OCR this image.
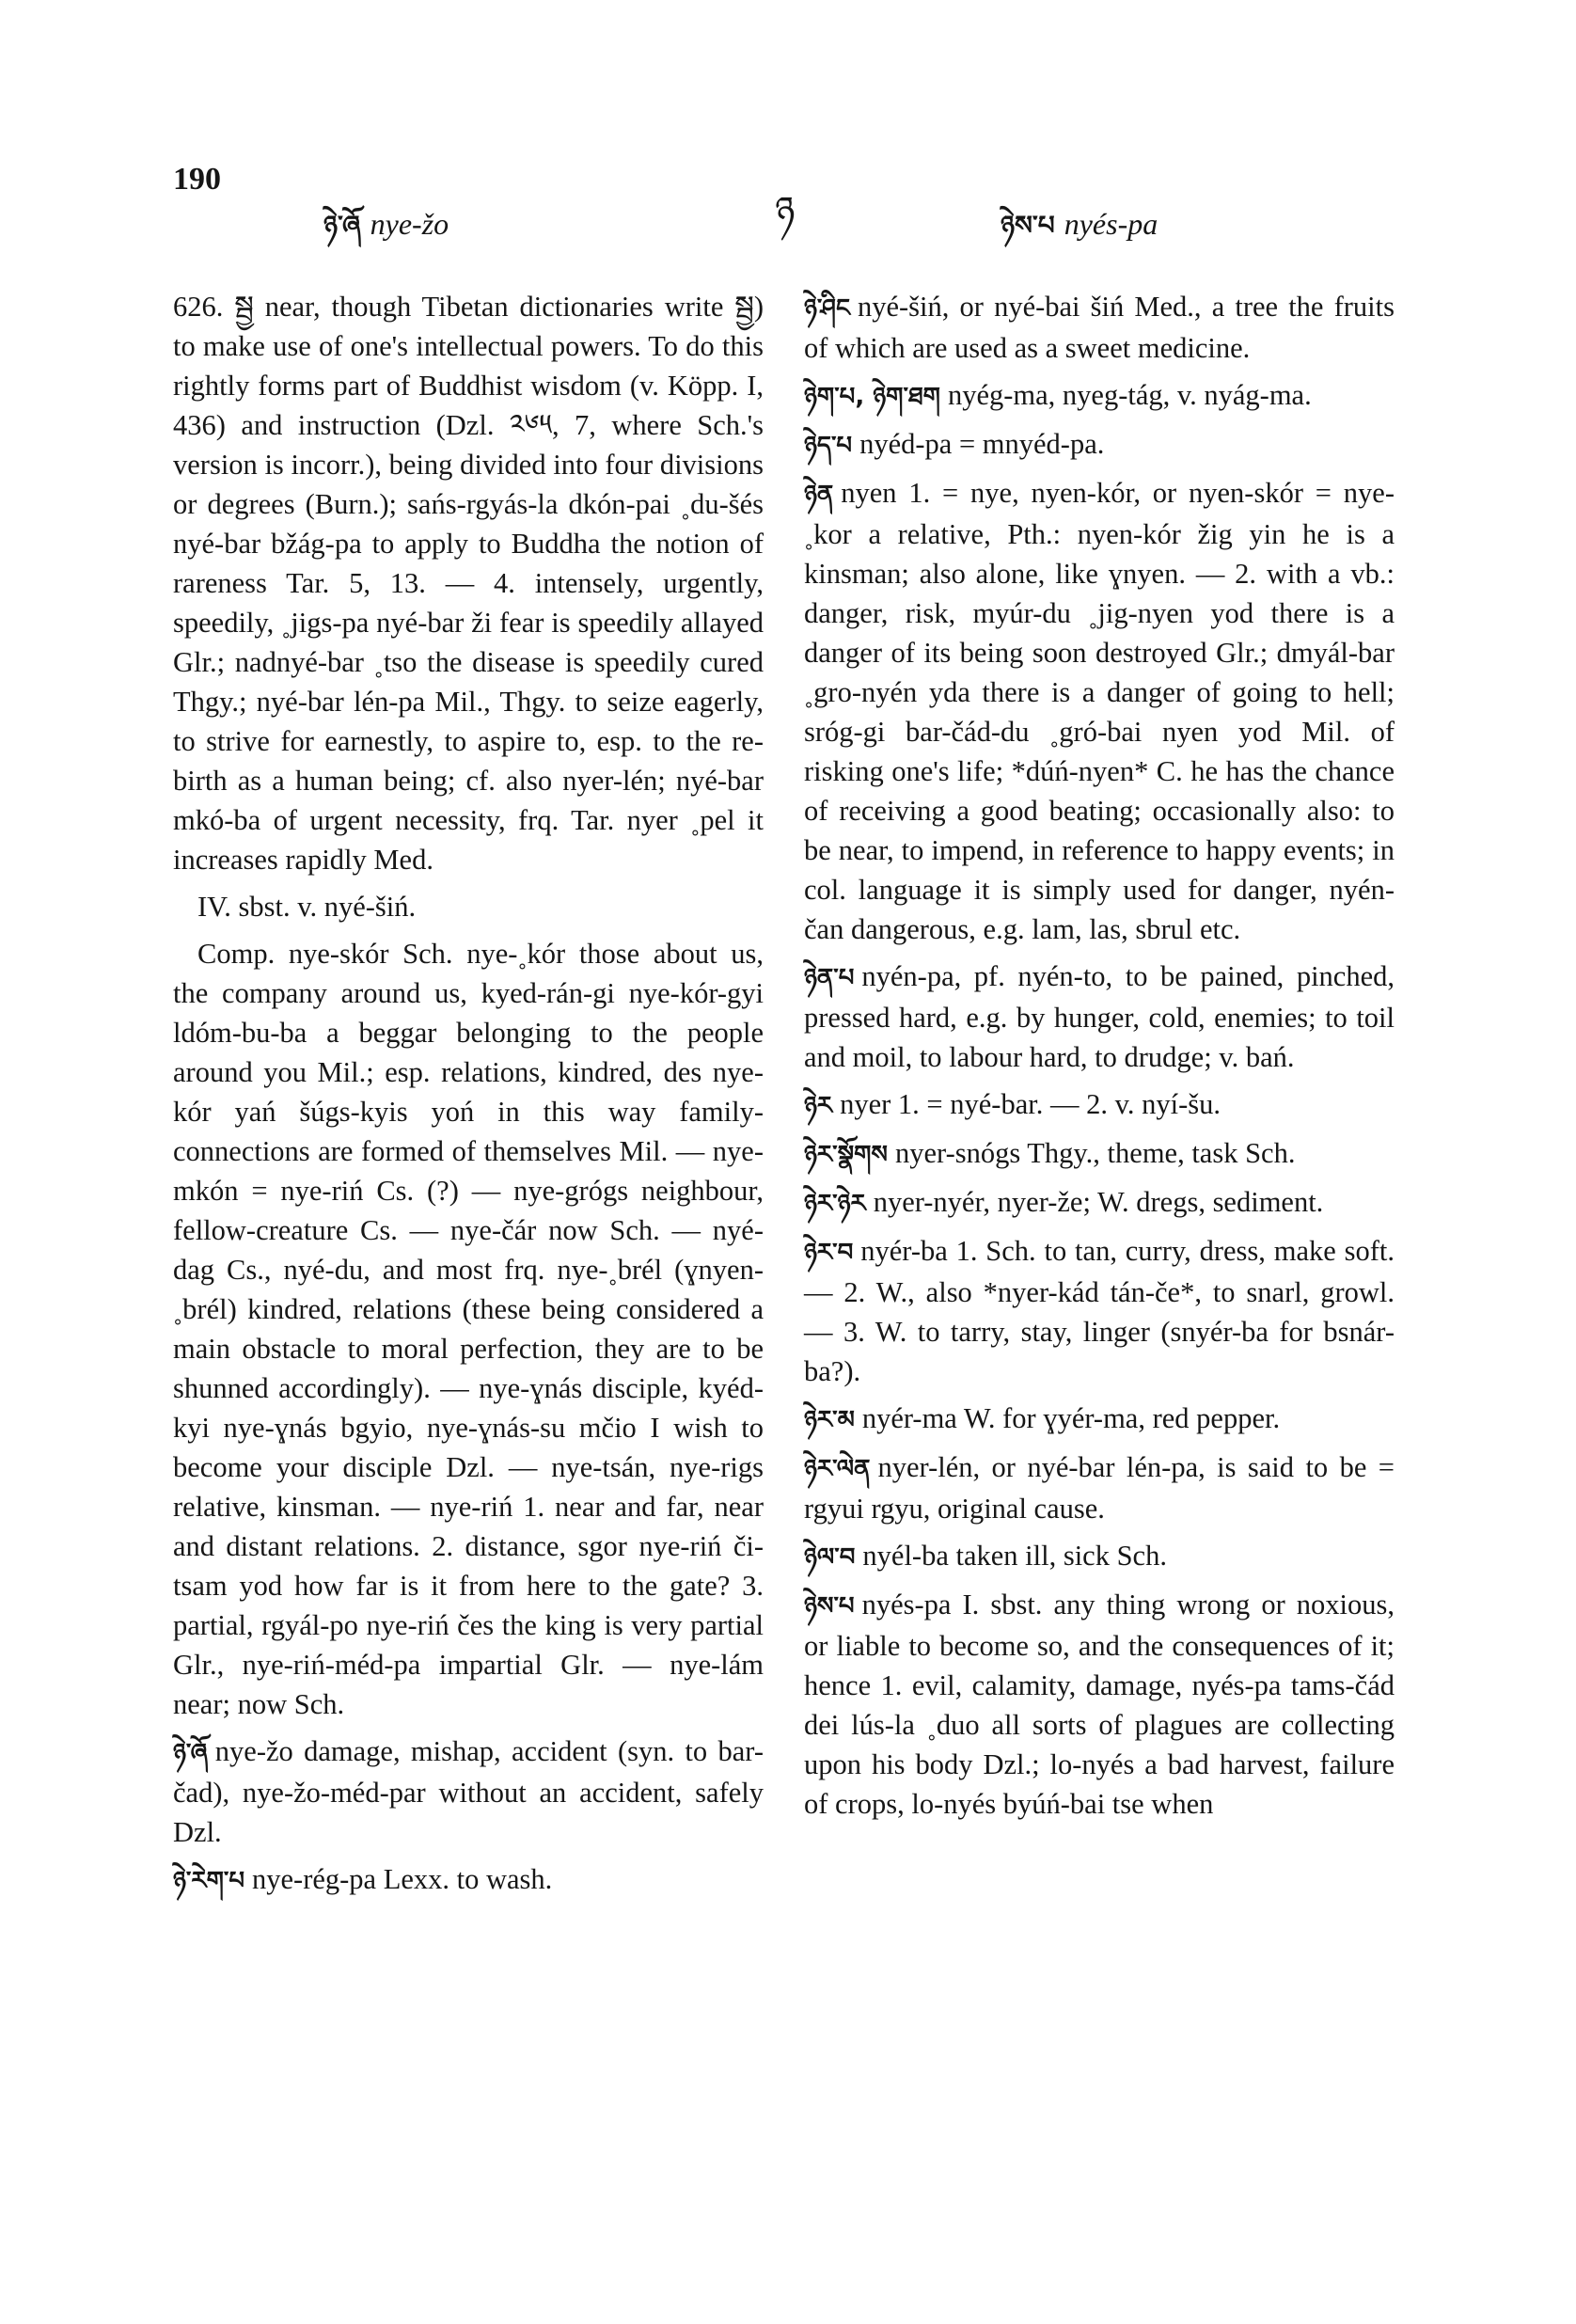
190
ཉེ་ཞོ nye-žo	ཉ	ཉེས་པ nyés-pa

626. སྦྱ near, though Tibetan dictionaries write སྦྱ) to make use of one's intellectual powers. To do this rightly forms part of Buddhist wisdom (v. Köpp. I, 436) and instruction (Dzl. ༢༦༥, 7, where Sch.'s version is incorr.), being divided into four divisions or degrees (Burn.); sańs-rgyás-la dkón-pai ˳du-šés nyé-bar bžág-pa to apply to Buddha the notion of rareness Tar. 5, 13. — 4. intensely, urgently, speedily, ˳jigs-pa nyé-bar ži fear is speedily allayed Glr.; nadnyé-bar ˳tso the disease is speedily cured Thgy.; nyé-bar lén-pa Mil., Thgy. to seize eagerly, to strive for earnestly, to aspire to, esp. to the re-birth as a human being; cf. also nyer-lén; nyé-bar mkó-ba of urgent necessity, frq. Tar. nyer ˳pel it increases rapidly Med.

IV. sbst. v. nyé-šiń.

Comp. nye-skór Sch. nye-˳kór those about us, the company around us, kyed-rán-gi nye-kór-gyi ldóm-bu-ba a beggar belonging to the people around you Mil.; esp. relations, kindred, des nye-kór yań šúgs-kyis yoń in this way family-connections are formed of themselves Mil. — nye-mkón = nye-riń Cs. (?) — nye-grógs neighbour, fellow-creature Cs. — nye-čár now Sch. — nyé-dag Cs., nyé-du, and most frq. nye-˳brél (ɣnyen-˳brél) kindred, relations (these being considered a main obstacle to moral perfection, they are to be shunned accordingly). — nye-ɣnás disciple, kyéd-kyi nye-ɣnás bgyio, nye-ɣnás-su mčio I wish to become your disciple Dzl. — nye-tsán, nye-rigs relative, kinsman. — nye-riń 1. near and far, near and distant relations. 2. distance, sgor nye-riń či-tsam yod how far is it from here to the gate? 3. partial, rgyál-po nye-riń čes the king is very partial Glr., nye-riń-méd-pa impartial Glr. — nye-lám near; now Sch.

ཉེ་ཞོ nye-žo damage, mishap, accident (syn. to bar-čad), nye-žo-méd-par without an accident, safely Dzl.

ཉེ་རེག་པ nye-rég-pa Lexx. to wash.

ཉེ་ཤིང nyé-šiń, or nyé-bai šiń Med., a tree the fruits of which are used as a sweet medicine.

ཉེག་པ, ཉེག་ཐག nyég-ma, nyeg-tág, v. nyág-ma.

ཉེད་པ nyéd-pa = mnyéd-pa.

ཉེན nyen 1. = nye, nyen-kór, or nyen-skór = nye-˳kor a relative, Pth.: nyen-kór žig yin he is a kinsman; also alone, like ɣnyen. — 2. with a vb.: danger, risk, myúr-du ˳jig-nyen yod there is a danger of its being soon destroyed Glr.; dmyál-bar ˳gro-nyén yda there is a danger of going to hell; sróg-gi bar-čád-du ˳gró-bai nyen yod Mil. of risking one's life; *dúń-nyen* C. he has the chance of receiving a good beating; occasionally also: to be near, to impend, in reference to happy events; in col. language it is simply used for danger, nyén-čan dangerous, e.g. lam, las, sbrul etc.

ཉེན་པ nyén-pa, pf. nyén-to, to be pained, pinched, pressed hard, e.g. by hunger, cold, enemies; to toil and moil, to labour hard, to drudge; v. bań.

ཉེར nyer 1. = nyé-bar. — 2. v. nyí-šu.

ཉེར་སྣོགས nyer-snógs Thgy., theme, task Sch.

ཉེར་ཉེར nyer-nyér, nyer-že; W. dregs, sediment.

ཉེར་བ nyér-ba 1. Sch. to tan, curry, dress, make soft. — 2. W., also *nyer-kád tán-če*, to snarl, growl. — 3. W. to tarry, stay, linger (snyér-ba for bsnár-ba?).

ཉེར་མ nyér-ma W. for ɣyér-ma, red pepper.

ཉེར་ལེན nyer-lén, or nyé-bar lén-pa, is said to be = rgyui rgyu, original cause.

ཉེལ་བ nyél-ba taken ill, sick Sch.

ཉེས་པ nyés-pa I. sbst. any thing wrong or noxious, or liable to become so, and the consequences of it; hence 1. evil, calamity, damage, nyés-pa tams-čád dei lús-la ˳duo all sorts of plagues are collecting upon his body Dzl.; lo-nyés a bad harvest, failure of crops, lo-nyés byúń-bai tse when
